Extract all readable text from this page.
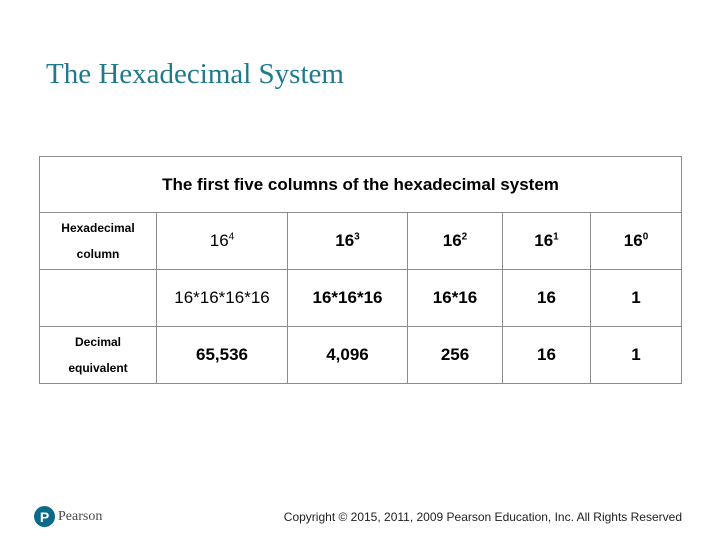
The Hexadecimal System
The first five columns of the hexadecimal system					

Hexadecimal
column	$16^4$	$16^3$	$16^2$	$16^1$	$16^0$
	16*16*16*16	16*16*16	16*16	16	1

Decimal
equivalent	65,536	4,096	256	16	1
P Pearson	Copyright © 2015, 2011, 2009 Pearson Education, Inc. All Rights Reserved
